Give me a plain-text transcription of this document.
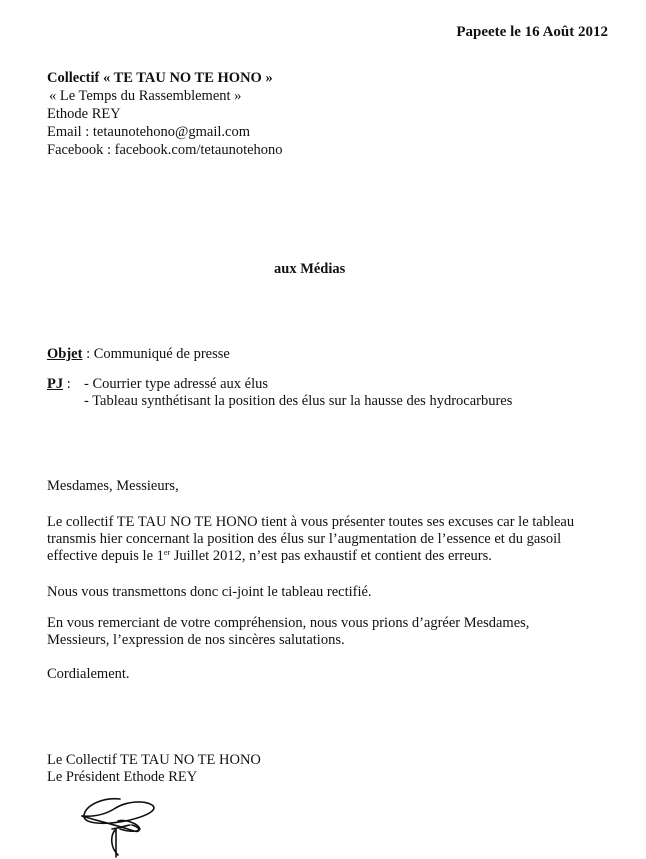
Papeete le 16 Août 2012
Collectif « TE TAU NO TE HONO »
« Le Temps du Rassemblement »
Ethode REY
Email : tetaunotehono@gmail.com
Facebook : facebook.com/tetaunotehono
aux Médias
Objet : Communiqué de presse
PJ : - Courrier type adressé aux élus
- Tableau synthétisant la position des élus sur la hausse des hydrocarbures
Mesdames, Messieurs,
Le collectif TE TAU NO TE HONO tient à vous présenter toutes ses excuses car le tableau
transmis hier concernant la position des élus sur l’augmentation de l’essence et du gasoil
effective depuis le 1er Juillet 2012, n’est pas exhaustif et contient des erreurs.
Nous vous transmettons donc ci-joint le tableau rectifié.
En vous remerciant de votre compréhension, nous vous prions d’agréer Mesdames,
Messieurs, l’expression de nos sincères salutations.
Cordialement.
Le Collectif TE TAU NO TE HONO
Le Président Ethode REY
